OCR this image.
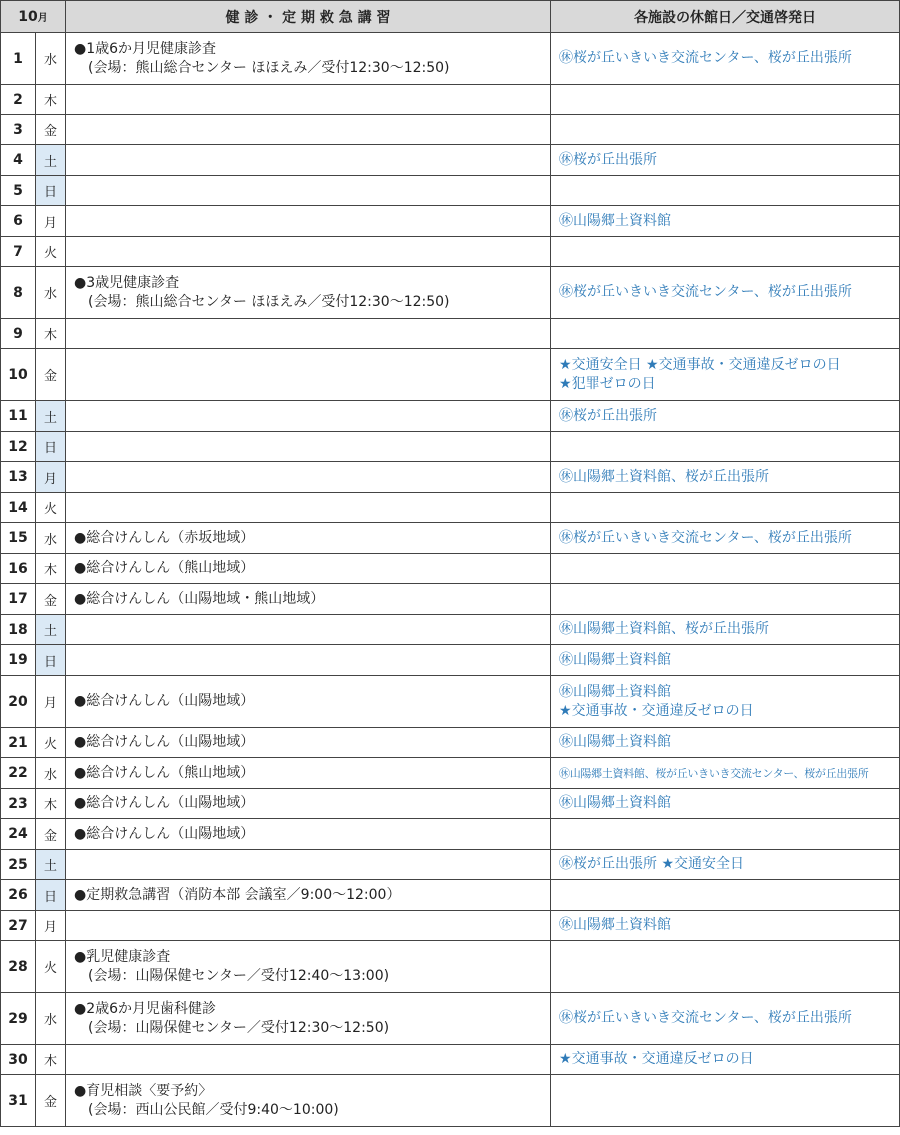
10月		健 診 ・ 定 期 救 急 講 習	各施設の休館日／交通啓発日
1	水	●1歳6か月児健康診査
(会場：熊山総合センター ほほえみ／受付12:30〜12:50)	㊡桜が丘いきいき交流センター、桜が丘出張所

2	木		
3	金		
4	土		㊡桜が丘出張所

5	日		
6	月		㊡山陽郷土資料館

7	火		
8	水	●3歳児健康診査
(会場：熊山総合センター ほほえみ／受付12:30〜12:50)	㊡桜が丘いきいき交流センター、桜が丘出張所

9	木		
10	金		★交通安全日 ★交通事故・交通違反ゼロの日
★犯罪ゼロの日

11	土		㊡桜が丘出張所

12	日		
13	月		㊡山陽郷土資料館、桜が丘出張所

14	火		
15	水	●総合けんしん（赤坂地域）	㊡桜が丘いきいき交流センター、桜が丘出張所

16	木	●総合けんしん（熊山地域）	

17	金	●総合けんしん（山陽地域・熊山地域）	

18	土		㊡山陽郷土資料館、桜が丘出張所

19	日		㊡山陽郷土資料館

20	月	●総合けんしん（山陽地域）	㊡山陽郷土資料館
★交通事故・交通違反ゼロの日

21	火	●総合けんしん（山陽地域）	㊡山陽郷土資料館

22	水	●総合けんしん（熊山地域）	㊡山陽郷土資料館、桜が丘いきいき交流センター、桜が丘出張所

23	木	●総合けんしん（山陽地域）	㊡山陽郷土資料館

24	金	●総合けんしん（山陽地域）	

25	土		㊡桜が丘出張所 ★交通安全日

26	日	●定期救急講習（消防本部 会議室／9:00〜12:00）	

27	月		㊡山陽郷土資料館

28	火	●乳児健康診査
(会場：山陽保健センター／受付12:40〜13:00)	

29	水	●2歳6か月児歯科健診
(会場：山陽保健センター／受付12:30〜12:50)	㊡桜が丘いきいき交流センター、桜が丘出張所

30	木		★交通事故・交通違反ゼロの日

31	金	●育児相談〈要予約〉
(会場：西山公民館／受付9:40〜10:00)	
